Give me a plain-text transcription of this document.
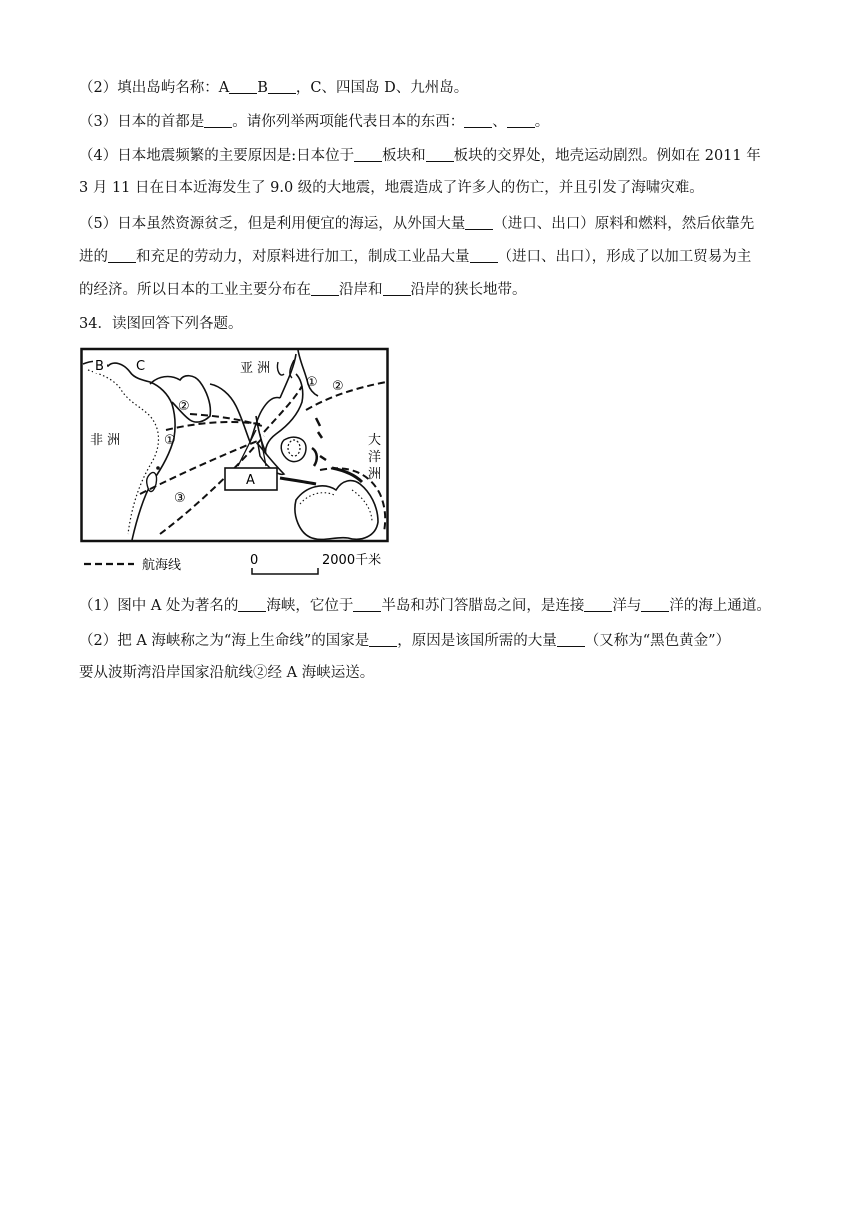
（2）填出岛屿名称：A B ，C、四国岛 D、九州岛。
（3）日本的首都是 。请你列举两项能代表日本的东西： 、 。
（4）日本地震频繁的主要原因是:日本位于 板块和 板块的交界处，地壳运动剧烈。例如在 2011 年
3 月 11 日在日本近海发生了 9.0 级的大地震，地震造成了许多人的伤亡，并且引发了海啸灾难。
（5）日本虽然资源贫乏，但是利用便宜的海运，从外国大量 （进口、出口）原料和燃料，然后依靠先
进的 和充足的劳动力，对原料进行加工，制成工业品大量 （进口、出口），形成了以加工贸易为主
的经济。所以日本的工业主要分布在 沿岸和 沿岸的狭长地带。
34．读图回答下列各题。
A
亚 洲
非 洲	大
洋
洲
B C
① ②
②
①
③
航海线	0	2000千米
（1）图中 A 处为著名的 海峡，它位于 半岛和苏门答腊岛之间，是连接 洋与 洋的海上通道。
（2）把 A 海峡称之为“海上生命线”的国家是 ，原因是该国所需的大量 （又称为“黑色黄金”）
要从波斯湾沿岸国家沿航线②经 A 海峡运送。
